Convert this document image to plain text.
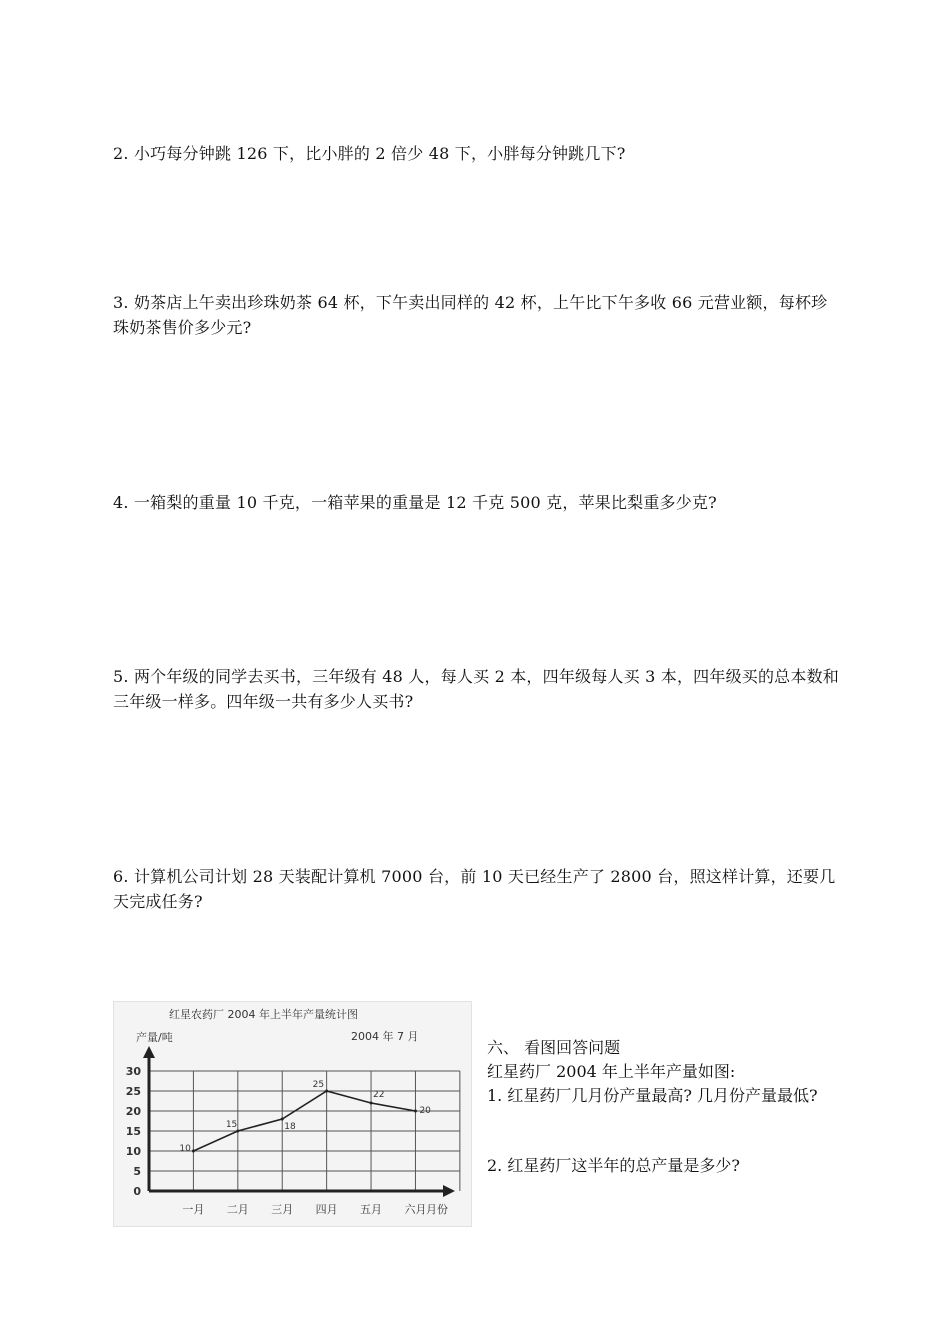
2. 小巧每分钟跳 126 下，比小胖的 2 倍少 48 下，小胖每分钟跳几下?
3. 奶茶店上午卖出珍珠奶茶 64 杯，下午卖出同样的 42 杯，上午比下午多收 66 元营业额，每杯珍珠奶茶售价多少元?
4. 一箱梨的重量 10 千克，一箱苹果的重量是 12 千克 500 克，苹果比梨重多少克?
5. 两个年级的同学去买书，三年级有 48 人，每人买 2 本，四年级每人买 3 本，四年级买的总本数和三年级一样多。四年级一共有多少人买书?
6. 计算机公司计划 28 天装配计算机 7000 台，前 10 天已经生产了 2800 台，照这样计算，还要几天完成任务?
红星农药厂 2004 年上半年产量统计图
产量/吨	2004 年 7 月
月份
0
5
10
15
20
25
30
一月 二月 三月 四月 五月 六月
10
15	18
25
22
20
六、 看图回答问题
红星药厂 2004 年上半年产量如图:
1. 红星药厂几月份产量最高? 几月份产量最低?
2. 红星药厂这半年的总产量是多少?
